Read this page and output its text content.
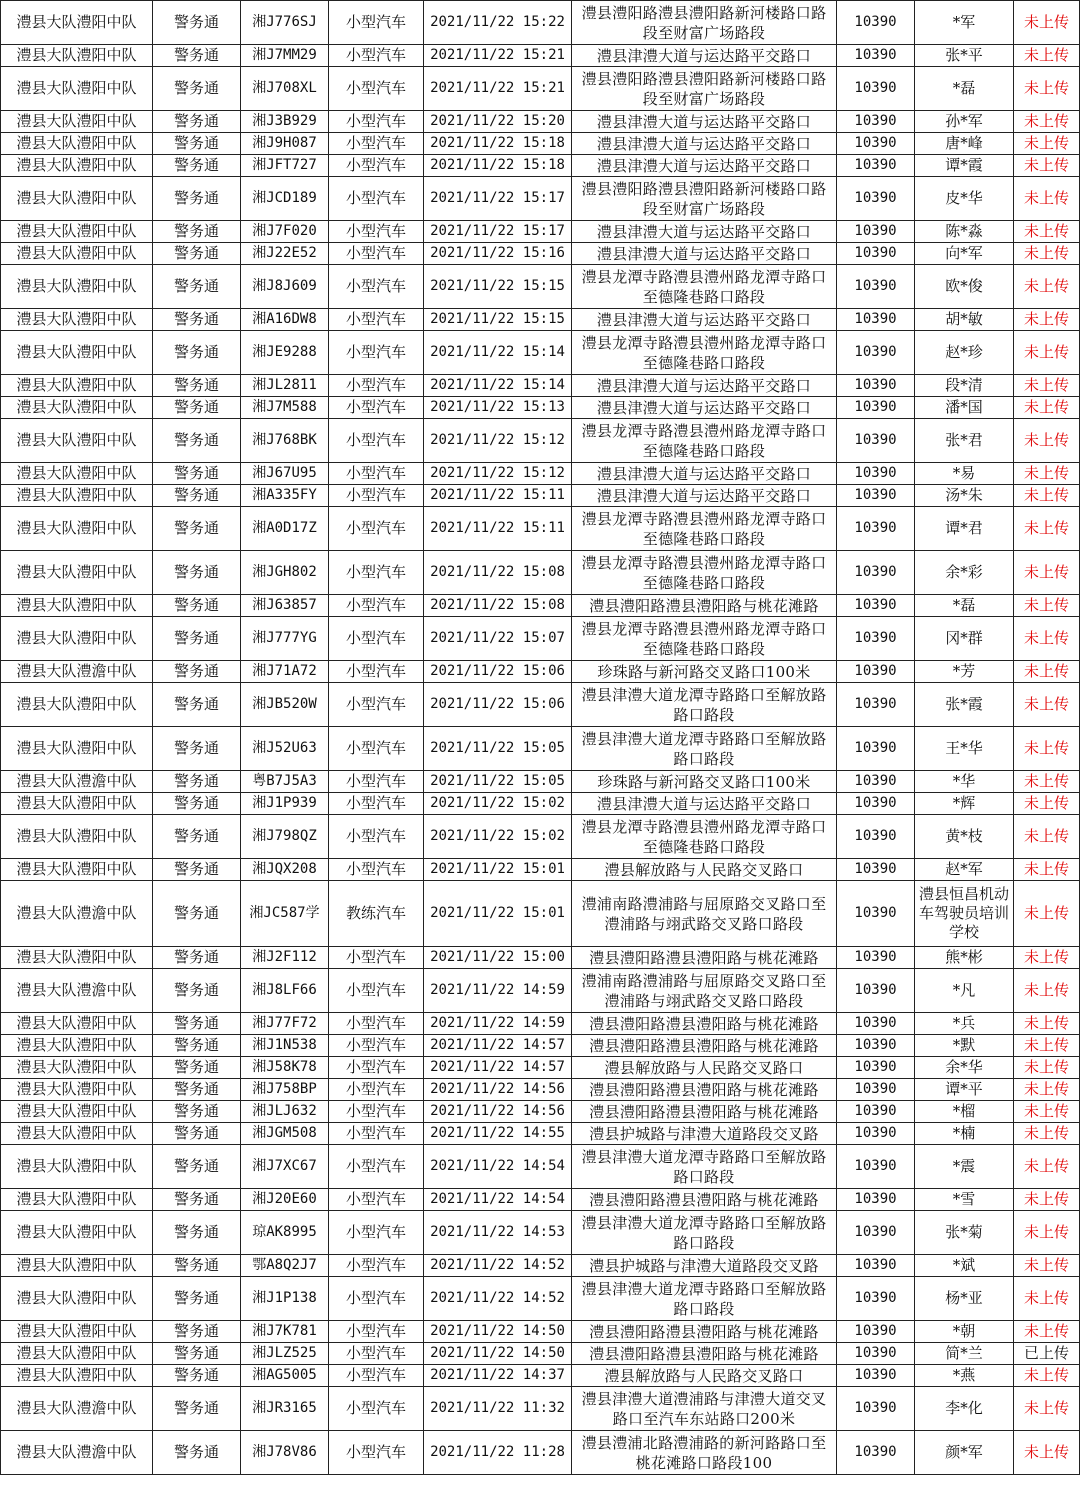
澧县大队澧阳中队	警务通	湘J776SJ	小型汽车	2021/11/22 15:22	澧县澧阳路澧县澧阳路新河楼路口路段至财富广场路段	10390	*军	未上传
澧县大队澧阳中队	警务通	湘J7MM29	小型汽车	2021/11/22 15:21	澧县津澧大道与运达路平交路口	10390	张*平	未上传
澧县大队澧阳中队	警务通	湘J708XL	小型汽车	2021/11/22 15:21	澧县澧阳路澧县澧阳路新河楼路口路段至财富广场路段	10390	*磊	未上传
澧县大队澧阳中队	警务通	湘J3B929	小型汽车	2021/11/22 15:20	澧县津澧大道与运达路平交路口	10390	孙*军	未上传
澧县大队澧阳中队	警务通	湘J9H087	小型汽车	2021/11/22 15:18	澧县津澧大道与运达路平交路口	10390	唐*峰	未上传
澧县大队澧阳中队	警务通	湘JFT727	小型汽车	2021/11/22 15:18	澧县津澧大道与运达路平交路口	10390	谭*霞	未上传
澧县大队澧阳中队	警务通	湘JCD189	小型汽车	2021/11/22 15:17	澧县澧阳路澧县澧阳路新河楼路口路段至财富广场路段	10390	皮*华	未上传
澧县大队澧阳中队	警务通	湘J7F020	小型汽车	2021/11/22 15:17	澧县津澧大道与运达路平交路口	10390	陈*淼	未上传
澧县大队澧阳中队	警务通	湘J22E52	小型汽车	2021/11/22 15:16	澧县津澧大道与运达路平交路口	10390	向*军	未上传
澧县大队澧阳中队	警务通	湘J8J609	小型汽车	2021/11/22 15:15	澧县龙潭寺路澧县澧州路龙潭寺路口至德隆巷路口路段	10390	欧*俊	未上传
澧县大队澧阳中队	警务通	湘A16DW8	小型汽车	2021/11/22 15:15	澧县津澧大道与运达路平交路口	10390	胡*敏	未上传
澧县大队澧阳中队	警务通	湘JE9288	小型汽车	2021/11/22 15:14	澧县龙潭寺路澧县澧州路龙潭寺路口至德隆巷路口路段	10390	赵*珍	未上传
澧县大队澧阳中队	警务通	湘JL2811	小型汽车	2021/11/22 15:14	澧县津澧大道与运达路平交路口	10390	段*清	未上传
澧县大队澧阳中队	警务通	湘J7M588	小型汽车	2021/11/22 15:13	澧县津澧大道与运达路平交路口	10390	潘*国	未上传
澧县大队澧阳中队	警务通	湘J768BK	小型汽车	2021/11/22 15:12	澧县龙潭寺路澧县澧州路龙潭寺路口至德隆巷路口路段	10390	张*君	未上传
澧县大队澧阳中队	警务通	湘J67U95	小型汽车	2021/11/22 15:12	澧县津澧大道与运达路平交路口	10390	*易	未上传
澧县大队澧阳中队	警务通	湘A335FY	小型汽车	2021/11/22 15:11	澧县津澧大道与运达路平交路口	10390	汤*朱	未上传
澧县大队澧阳中队	警务通	湘A0D17Z	小型汽车	2021/11/22 15:11	澧县龙潭寺路澧县澧州路龙潭寺路口至德隆巷路口路段	10390	谭*君	未上传
澧县大队澧阳中队	警务通	湘JGH802	小型汽车	2021/11/22 15:08	澧县龙潭寺路澧县澧州路龙潭寺路口至德隆巷路口路段	10390	余*彩	未上传
澧县大队澧阳中队	警务通	湘J63857	小型汽车	2021/11/22 15:08	澧县澧阳路澧县澧阳路与桃花滩路	10390	*磊	未上传
澧县大队澧阳中队	警务通	湘J777YG	小型汽车	2021/11/22 15:07	澧县龙潭寺路澧县澧州路龙潭寺路口至德隆巷路口路段	10390	冈*群	未上传
澧县大队澧澹中队	警务通	湘J71A72	小型汽车	2021/11/22 15:06	珍珠路与新河路交叉路口100米	10390	*芳	未上传
澧县大队澧阳中队	警务通	湘JB520W	小型汽车	2021/11/22 15:06	澧县津澧大道龙潭寺路路口至解放路路口路段	10390	张*霞	未上传
澧县大队澧阳中队	警务通	湘J52U63	小型汽车	2021/11/22 15:05	澧县津澧大道龙潭寺路路口至解放路路口路段	10390	王*华	未上传
澧县大队澧澹中队	警务通	粤B7J5A3	小型汽车	2021/11/22 15:05	珍珠路与新河路交叉路口100米	10390	*华	未上传
澧县大队澧阳中队	警务通	湘J1P939	小型汽车	2021/11/22 15:02	澧县津澧大道与运达路平交路口	10390	*辉	未上传
澧县大队澧阳中队	警务通	湘J798QZ	小型汽车	2021/11/22 15:02	澧县龙潭寺路澧县澧州路龙潭寺路口至德隆巷路口路段	10390	黄*枝	未上传
澧县大队澧阳中队	警务通	湘JQX208	小型汽车	2021/11/22 15:01	澧县解放路与人民路交叉路口	10390	赵*军	未上传
澧县大队澧澹中队	警务通	湘JC587学	教练汽车	2021/11/22 15:01	澧浦南路澧浦路与屈原路交叉路口至澧浦路与翊武路交叉路口路段	10390	澧县恒昌机动车驾驶员培训学校	未上传
澧县大队澧阳中队	警务通	湘J2F112	小型汽车	2021/11/22 15:00	澧县澧阳路澧县澧阳路与桃花滩路	10390	熊*彬	未上传
澧县大队澧澹中队	警务通	湘J8LF66	小型汽车	2021/11/22 14:59	澧浦南路澧浦路与屈原路交叉路口至澧浦路与翊武路交叉路口路段	10390	*凡	未上传
澧县大队澧阳中队	警务通	湘J77F72	小型汽车	2021/11/22 14:59	澧县澧阳路澧县澧阳路与桃花滩路	10390	*兵	未上传
澧县大队澧阳中队	警务通	湘J1N538	小型汽车	2021/11/22 14:57	澧县澧阳路澧县澧阳路与桃花滩路	10390	*默	未上传
澧县大队澧阳中队	警务通	湘J58K78	小型汽车	2021/11/22 14:57	澧县解放路与人民路交叉路口	10390	余*华	未上传
澧县大队澧阳中队	警务通	湘J758BP	小型汽车	2021/11/22 14:56	澧县澧阳路澧县澧阳路与桃花滩路	10390	谭*平	未上传
澧县大队澧阳中队	警务通	湘JLJ632	小型汽车	2021/11/22 14:56	澧县澧阳路澧县澧阳路与桃花滩路	10390	*榴	未上传
澧县大队澧阳中队	警务通	湘JGM508	小型汽车	2021/11/22 14:55	澧县护城路与津澧大道路段交叉路	10390	*楠	未上传
澧县大队澧阳中队	警务通	湘J7XC67	小型汽车	2021/11/22 14:54	澧县津澧大道龙潭寺路路口至解放路路口路段	10390	*震	未上传
澧县大队澧阳中队	警务通	湘J20E60	小型汽车	2021/11/22 14:54	澧县澧阳路澧县澧阳路与桃花滩路	10390	*雪	未上传
澧县大队澧阳中队	警务通	琼AK8995	小型汽车	2021/11/22 14:53	澧县津澧大道龙潭寺路路口至解放路路口路段	10390	张*菊	未上传
澧县大队澧阳中队	警务通	鄂A8Q2J7	小型汽车	2021/11/22 14:52	澧县护城路与津澧大道路段交叉路	10390	*斌	未上传
澧县大队澧阳中队	警务通	湘J1P138	小型汽车	2021/11/22 14:52	澧县津澧大道龙潭寺路路口至解放路路口路段	10390	杨*亚	未上传
澧县大队澧阳中队	警务通	湘J7K781	小型汽车	2021/11/22 14:50	澧县澧阳路澧县澧阳路与桃花滩路	10390	*朝	未上传
澧县大队澧阳中队	警务通	湘JLZ525	小型汽车	2021/11/22 14:50	澧县澧阳路澧县澧阳路与桃花滩路	10390	简*兰	已上传
澧县大队澧阳中队	警务通	湘AG5005	小型汽车	2021/11/22 14:37	澧县解放路与人民路交叉路口	10390	*燕	未上传
澧县大队澧澹中队	警务通	湘JR3165	小型汽车	2021/11/22 11:32	澧县津澧大道澧浦路与津澧大道交叉路口至汽车东站路口200米	10390	李*化	未上传
澧县大队澧澹中队	警务通	湘J78V86	小型汽车	2021/11/22 11:28	澧县澧浦北路澧浦路的新河路路口至桃花滩路口路段100	10390	颜*军	未上传
